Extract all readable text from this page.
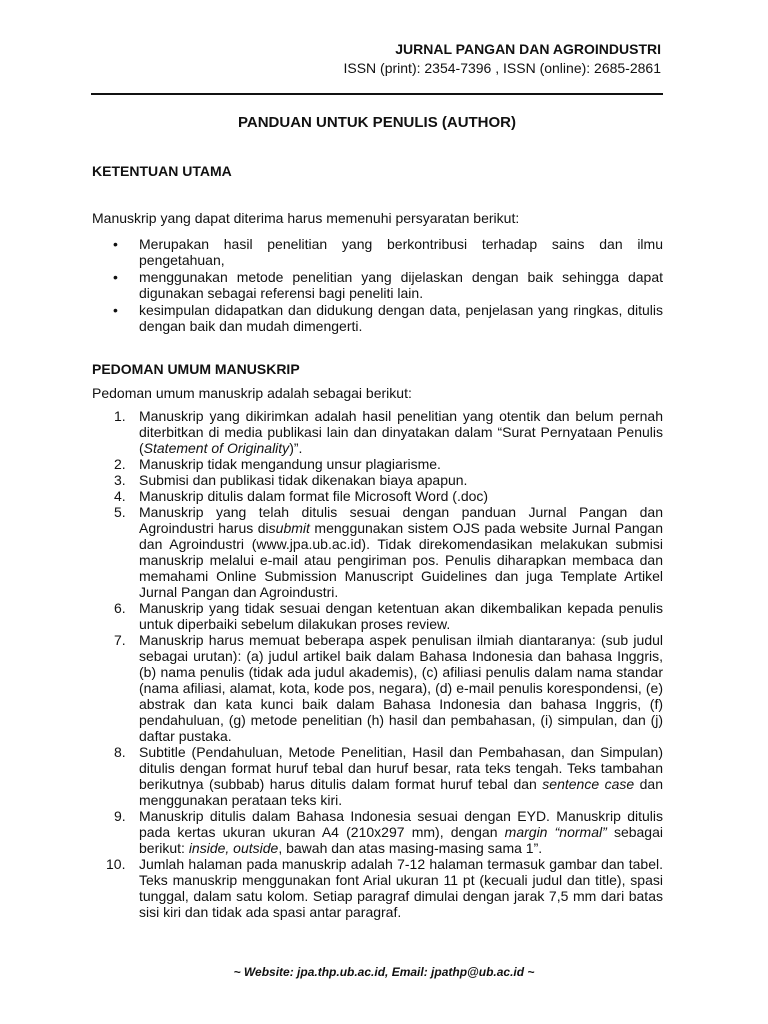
JURNAL PANGAN DAN AGROINDUSTRI
ISSN (print): 2354-7396 , ISSN (online): 2685-2861
PANDUAN UNTUK PENULIS (AUTHOR)
KETENTUAN UTAMA
Manuskrip yang dapat diterima harus memenuhi persyaratan berikut:
• Merupakan hasil penelitian yang berkontribusi terhadap sains dan ilmu pengetahuan,
• menggunakan metode penelitian yang dijelaskan dengan baik sehingga dapat digunakan sebagai referensi bagi peneliti lain.
• kesimpulan didapatkan dan didukung dengan data, penjelasan yang ringkas, ditulis dengan baik dan mudah dimengerti.
PEDOMAN UMUM MANUSKRIP
Pedoman umum manuskrip adalah sebagai berikut:
1. Manuskrip yang dikirimkan adalah hasil penelitian yang otentik dan belum pernah diterbitkan di media publikasi lain dan dinyatakan dalam “Surat Pernyataan Penulis (Statement of Originality)”.
2. Manuskrip tidak mengandung unsur plagiarisme.
3. Submisi dan publikasi tidak dikenakan biaya apapun.
4. Manuskrip ditulis dalam format file Microsoft Word (.doc)
5. Manuskrip yang telah ditulis sesuai dengan panduan Jurnal Pangan dan Agroindustri harus disubmit menggunakan sistem OJS pada website Jurnal Pangan dan Agroindustri (www.jpa.ub.ac.id). Tidak direkomendasikan melakukan submisi manuskrip melalui e-mail atau pengiriman pos. Penulis diharapkan membaca dan memahami Online Submission Manuscript Guidelines dan juga Template Artikel Jurnal Pangan dan Agroindustri.
6. Manuskrip yang tidak sesuai dengan ketentuan akan dikembalikan kepada penulis untuk diperbaiki sebelum dilakukan proses review.
7. Manuskrip harus memuat beberapa aspek penulisan ilmiah diantaranya: (sub judul sebagai urutan): (a) judul artikel baik dalam Bahasa Indonesia dan bahasa Inggris, (b) nama penulis (tidak ada judul akademis), (c) afiliasi penulis dalam nama standar (nama afiliasi, alamat, kota, kode pos, negara), (d) e-mail penulis korespondensi, (e) abstrak dan kata kunci baik dalam Bahasa Indonesia dan bahasa Inggris, (f) pendahuluan, (g) metode penelitian (h) hasil dan pembahasan, (i) simpulan, dan (j) daftar pustaka.
8. Subtitle (Pendahuluan, Metode Penelitian, Hasil dan Pembahasan, dan Simpulan) ditulis dengan format huruf tebal dan huruf besar, rata teks tengah. Teks tambahan berikutnya (subbab) harus ditulis dalam format huruf tebal dan sentence case dan menggunakan perataan teks kiri.
9. Manuskrip ditulis dalam Bahasa Indonesia sesuai dengan EYD. Manuskrip ditulis pada kertas ukuran ukuran A4 (210x297 mm), dengan margin “normal” sebagai berikut: inside, outside, bawah dan atas masing-masing sama 1”.
10. Jumlah halaman pada manuskrip adalah 7-12 halaman termasuk gambar dan tabel. Teks manuskrip menggunakan font Arial ukuran 11 pt (kecuali judul dan title), spasi tunggal, dalam satu kolom. Setiap paragraf dimulai dengan jarak 7,5 mm dari batas sisi kiri dan tidak ada spasi antar paragraf.
~ Website: jpa.thp.ub.ac.id, Email: jpathp@ub.ac.id ~
